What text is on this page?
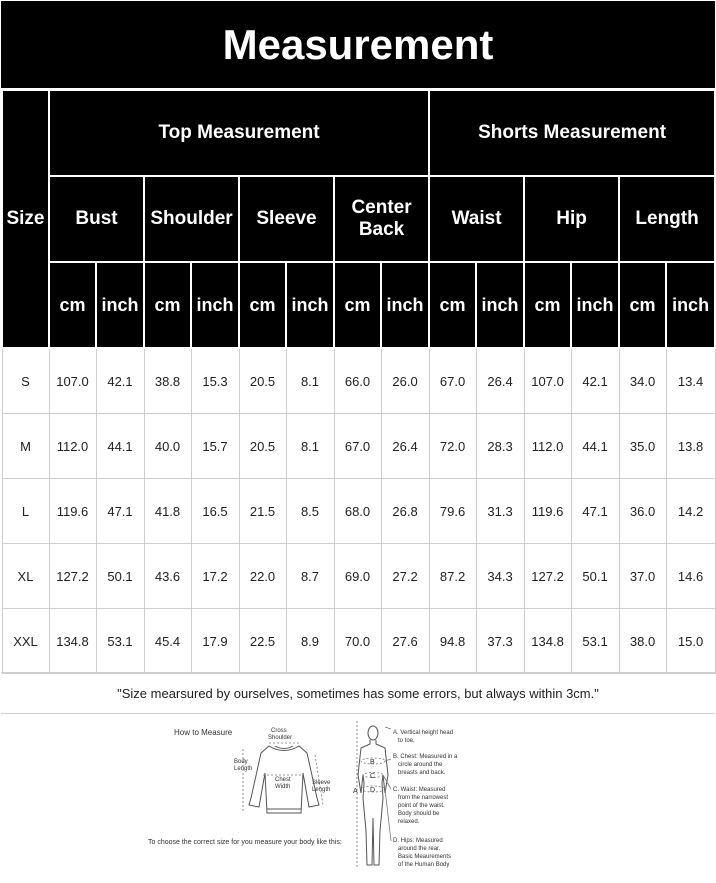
Measurement
Size	Top Measurement								Shorts Measurement					
	Bust		Shoulder		Sleeve		Center Back		Waist		Hip		Length	
	cm	inch	cm	inch	cm	inch	cm	inch	cm	inch	cm	inch	cm	inch
S	107.0	42.1	38.8	15.3	20.5	8.1	66.0	26.0	67.0	26.4	107.0	42.1	34.0	13.4
M	112.0	44.1	40.0	15.7	20.5	8.1	67.0	26.4	72.0	28.3	112.0	44.1	35.0	13.8
L	119.6	47.1	41.8	16.5	21.5	8.5	68.0	26.8	79.6	31.3	119.6	47.1	36.0	14.2
XL	127.2	50.1	43.6	17.2	22.0	8.7	69.0	27.2	87.2	34.3	127.2	50.1	37.0	14.6
XXL	134.8	53.1	45.4	17.9	22.5	8.9	70.0	27.6	94.8	37.3	134.8	53.1	38.0	15.0
"Size mearsured by ourselves, sometimes has some errors, but always within 3cm."
How to Measure	Cross
Shoulder
Body
Length
Chest
Width
Sleeve
Length
To choose the correct size for you measure your body like this:
A
B
C
D
A. Vertical height head
to toe.
B. Chest: Measured in a
circle around the
breasts and back.
C. Waist: Measured
from the narrowest
point of the waist.
Body should be
relaxed.
D. Hips: Measured
around the rear.
Basic Meaurements
of the Human Body
